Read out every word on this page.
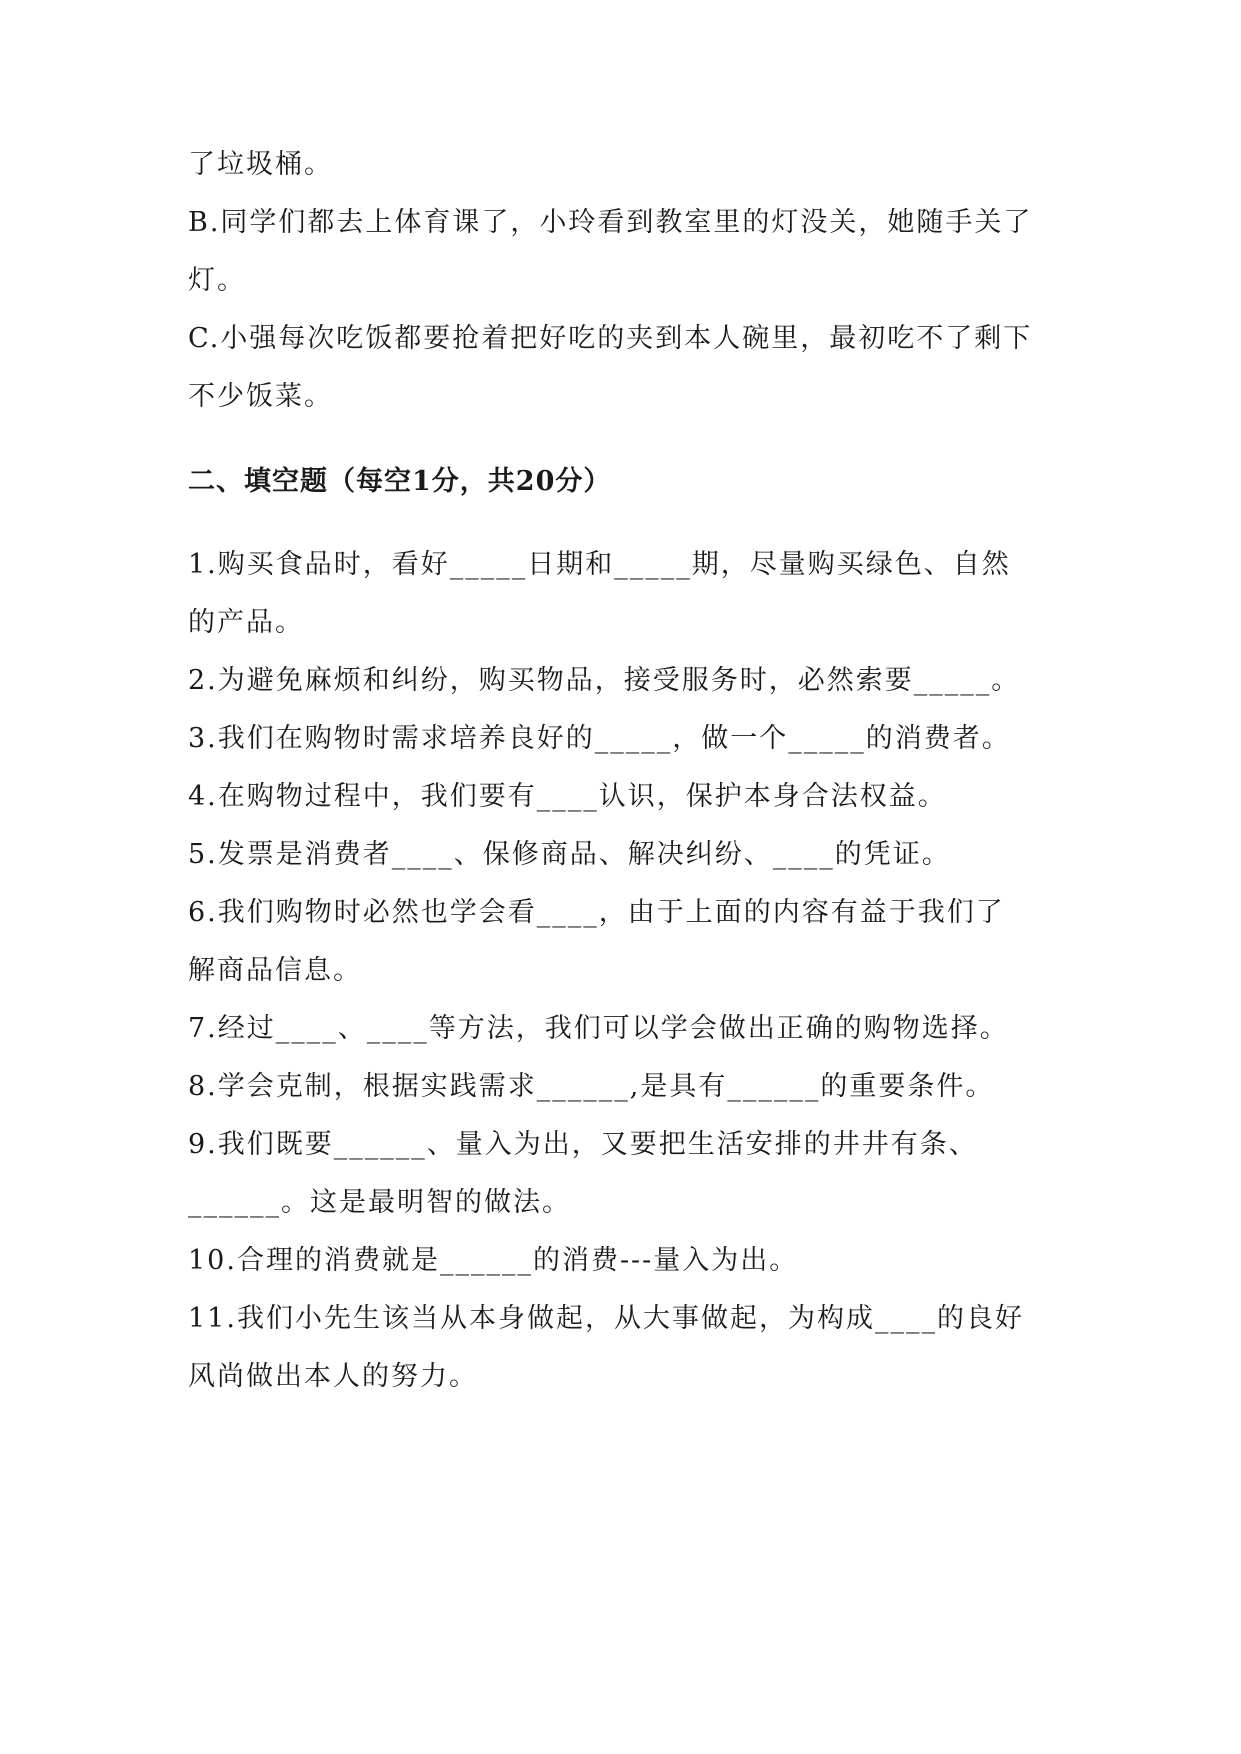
了垃圾桶。
B.同学们都去上体育课了，小玲看到教室里的灯没关，她随手关了
灯。
C.小强每次吃饭都要抢着把好吃的夹到本人碗里，最初吃不了剩下
不少饭菜。
二、填空题（每空1分，共20分）
1.购买食品时，看好_____日期和_____期，尽量购买绿色、自然
的产品。
2.为避免麻烦和纠纷，购买物品，接受服务时，必然索要_____。
3.我们在购物时需求培养良好的_____，做一个_____的消费者。
4.在购物过程中，我们要有____认识，保护本身合法权益。
5.发票是消费者____、保修商品、解决纠纷、____的凭证。
6.我们购物时必然也学会看____，由于上面的内容有益于我们了
解商品信息。
7.经过____、____等方法，我们可以学会做出正确的购物选择。
8.学会克制，根据实践需求______,是具有______的重要条件。
9.我们既要______、量入为出，又要把生活安排的井井有条、
______。这是最明智的做法。
10.合理的消费就是______的消费---量入为出。
11.我们小先生该当从本身做起，从大事做起，为构成____的良好
风尚做出本人的努力。
